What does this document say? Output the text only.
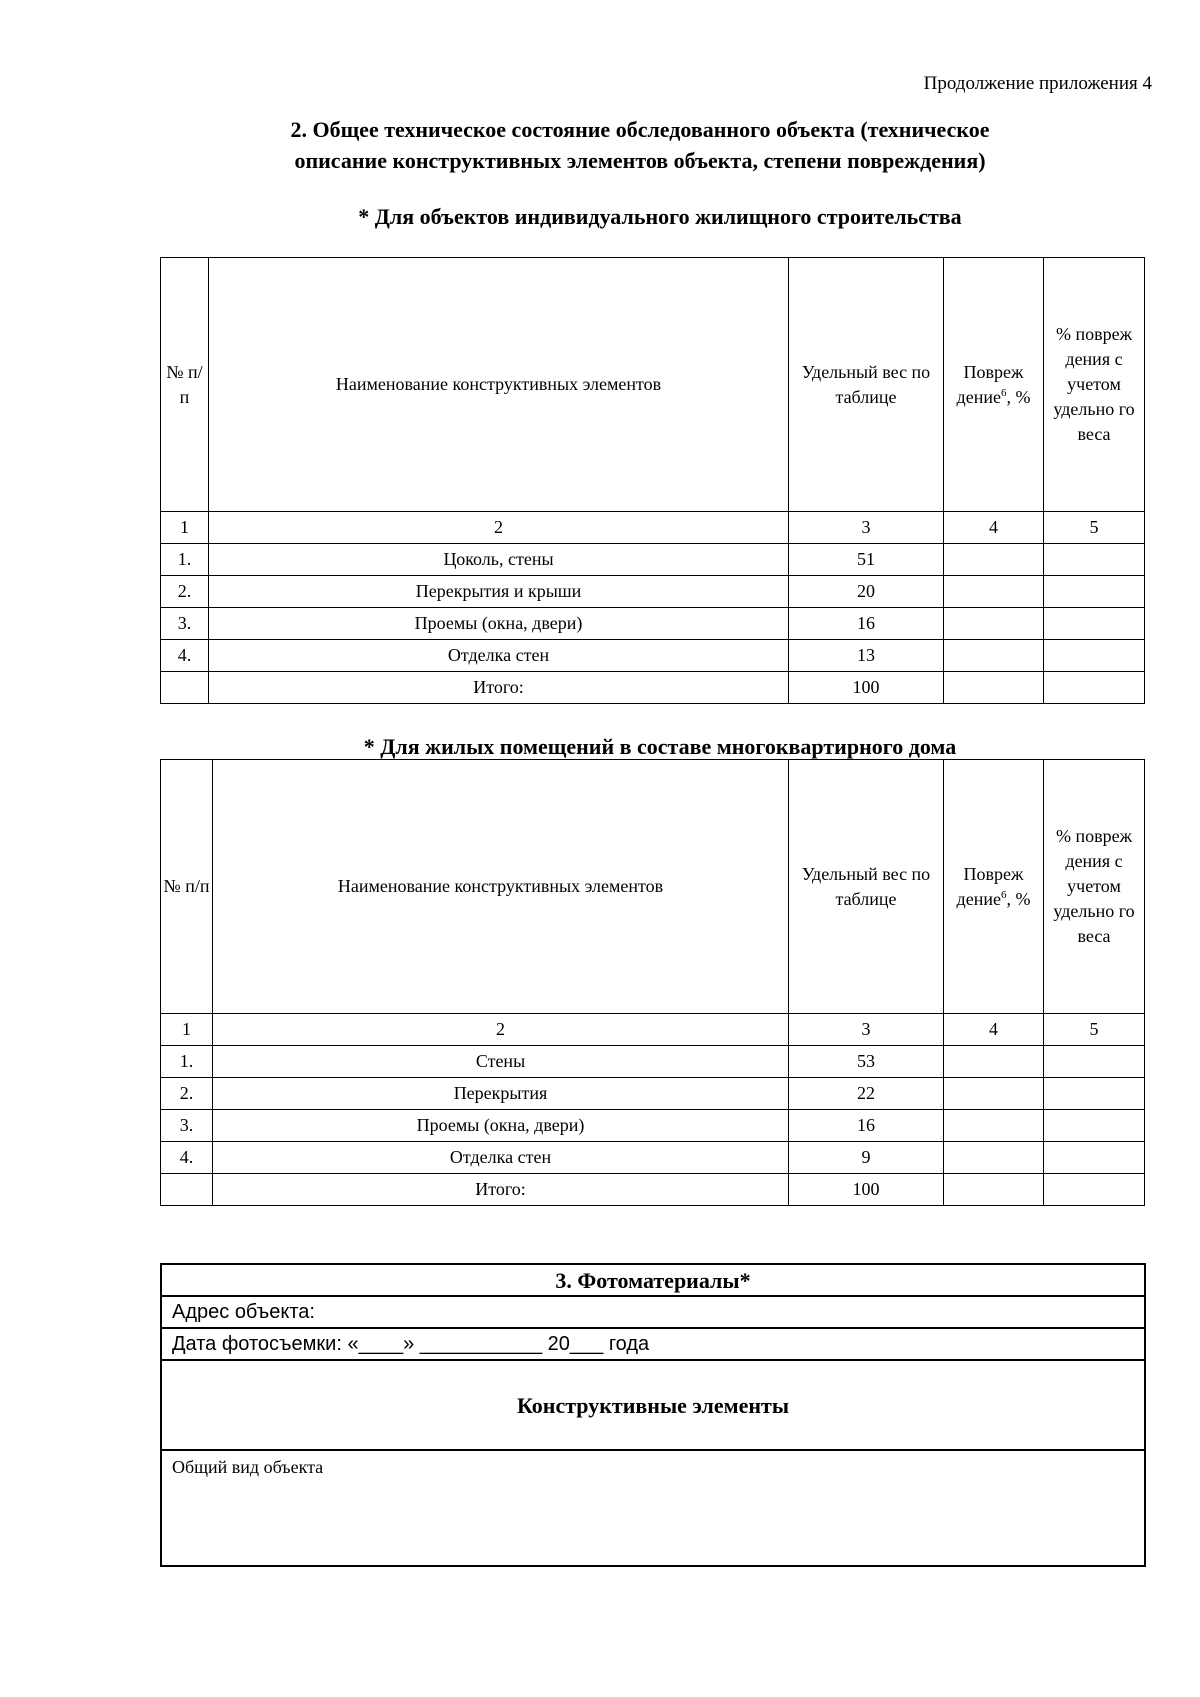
Продолжение приложения 4
2. Общее техническое состояние обследованного объекта (техническое
описание конструктивных элементов объекта, степени повреждения)
* Для объектов индивидуального жилищного строительства
№ п/ п	Наименование конструктивных элементов	Удельный вес по таблице	Повреж дение$^6$, %	% повреж дения с учетом удельно го веса
1	2	3	4	5
1.	Цоколь, стены	51		
2.	Перекрытия и крыши	20		
3.	Проемы (окна, двери)	16		
4.	Отделка стен	13		
	Итого:	100		
* Для жилых помещений в составе многоквартирного дома
№ п/п	Наименование конструктивных элементов	Удельный вес по таблице	Повреж дение$^6$, %	% повреж дения с учетом удельно го веса
1	2	3	4	5
1.	Стены	53		
2.	Перекрытия	22		
3.	Проемы (окна, двери)	16		
4.	Отделка стен	9		
	Итого:	100		
3. Фотоматериалы*
Адрес объекта:
Дата фотосъемки: «____» ___________ 20___ года
Конструктивные элементы
Общий вид объекта
